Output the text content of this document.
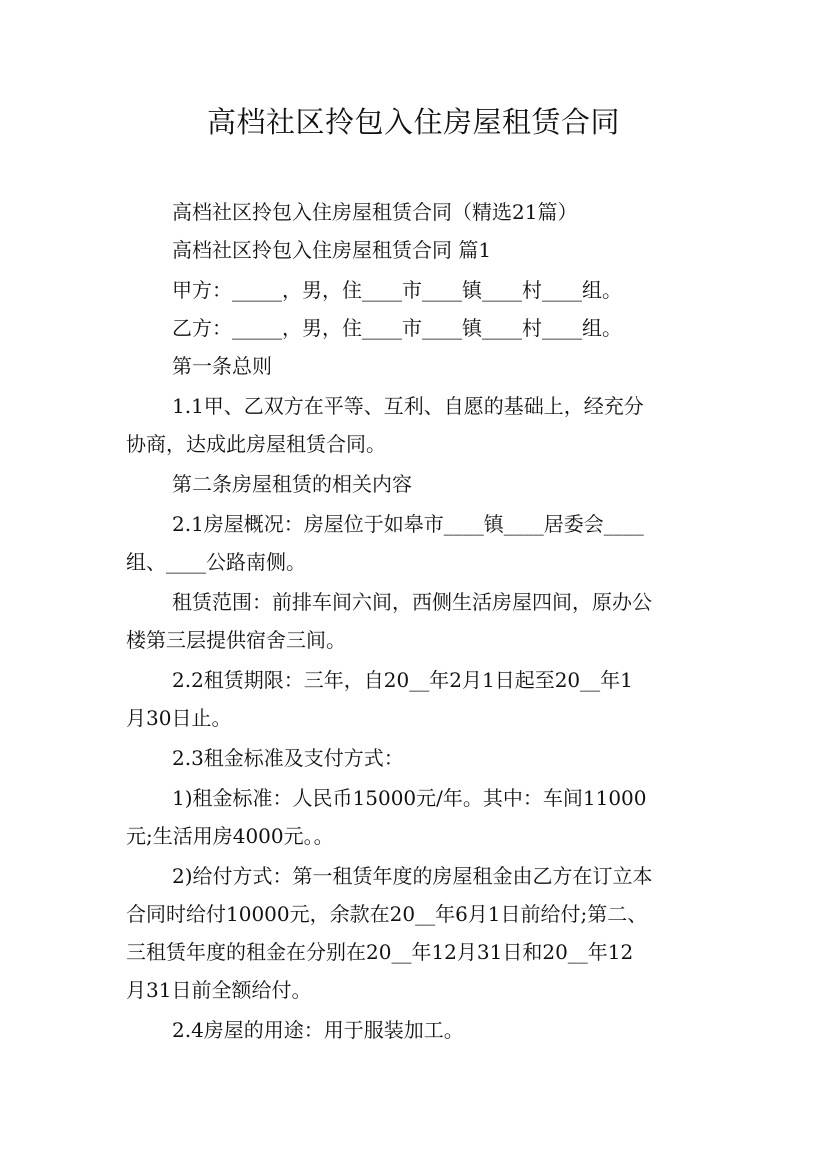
高档社区拎包入住房屋租赁合同
高档社区拎包入住房屋租赁合同（精选21篇）
高档社区拎包入住房屋租赁合同 篇1
甲方：_____，男，住____市____镇____村____组。
乙方：_____，男，住____市____镇____村____组。
第一条总则
1.1甲、乙双方在平等、互利、自愿的基础上，经充分
协商，达成此房屋租赁合同。
第二条房屋租赁的相关内容
2.1房屋概况：房屋位于如皋市____镇____居委会____
组、____公路南侧。
租赁范围：前排车间六间，西侧生活房屋四间，原办公
楼第三层提供宿舍三间。
2.2租赁期限：三年，自20__年2月1日起至20__年1
月30日止。
2.3租金标准及支付方式：
1)租金标准：人民币15000元/年。其中：车间11000
元;生活用房4000元。。
2)给付方式：第一租赁年度的房屋租金由乙方在订立本
合同时给付10000元，余款在20__年6月1日前给付;第二、
三租赁年度的租金在分别在20__年12月31日和20__年12
月31日前全额给付。
2.4房屋的用途：用于服装加工。
